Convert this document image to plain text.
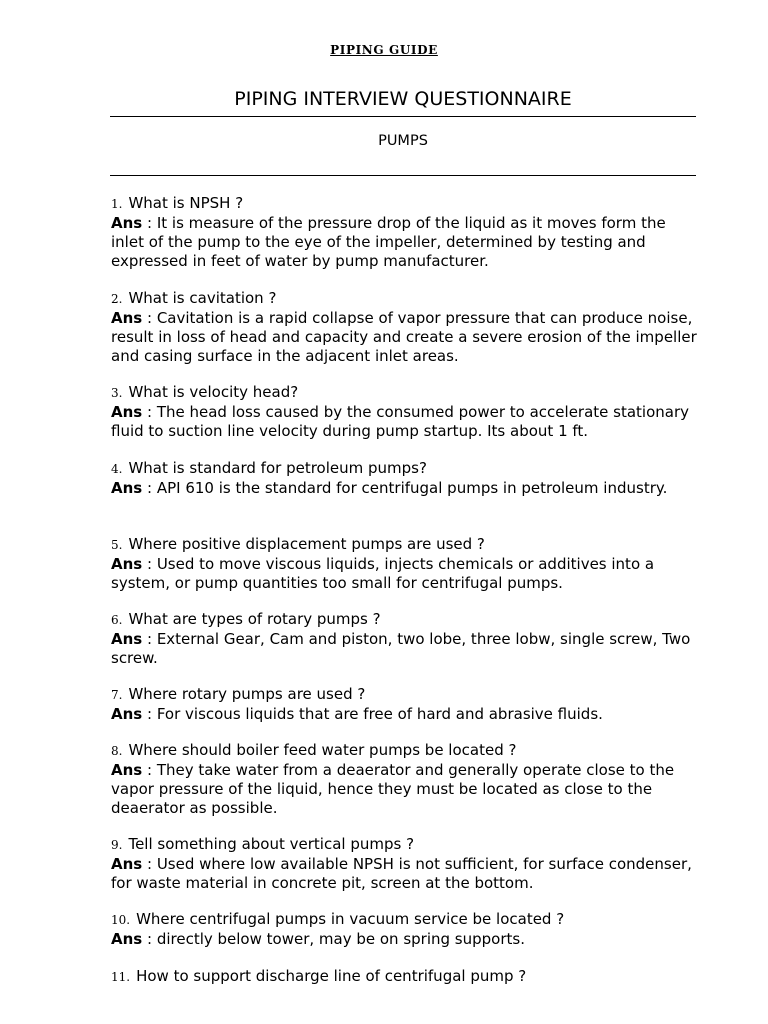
PIPING GUIDE
PIPING INTERVIEW QUESTIONNAIRE
PUMPS

1. What is NPSH ?

Ans : It is measure of the pressure drop of the liquid as it moves form the inlet of the pump to the eye of the impeller, determined by testing and expressed in feet of water by pump manufacturer.

2. What is cavitation ?

Ans : Cavitation is a rapid collapse of vapor pressure that can produce noise, result in loss of head and capacity and create a severe erosion of the impeller and casing surface in the adjacent inlet areas.

3. What is velocity head?

Ans : The head loss caused by the consumed power to accelerate stationary fluid to suction line velocity during pump startup. Its about 1 ft.

4. What is standard for petroleum pumps?

Ans : API 610 is the standard for centrifugal pumps in petroleum industry.

5. Where positive displacement pumps are used ?

Ans : Used to move viscous liquids, injects chemicals or additives into a system, or pump quantities too small for centrifugal pumps.

6. What are types of rotary pumps ?

Ans : External Gear, Cam and piston, two lobe, three lobw, single screw, Two screw.

7. Where rotary pumps are used ?

Ans : For viscous liquids that are free of hard and abrasive fluids.

8. Where should boiler feed water pumps be located ?

Ans : They take water from a deaerator and generally operate close to the vapor pressure of the liquid, hence they must be located as close to the deaerator as possible.

9. Tell something about vertical pumps ?

Ans : Used where low available NPSH is not sufficient, for surface condenser, for waste material in concrete pit, screen at the bottom.

10. Where centrifugal pumps in vacuum service be located ?

Ans : directly below tower, may be on spring supports.

11. How to support discharge line of centrifugal pump ?
